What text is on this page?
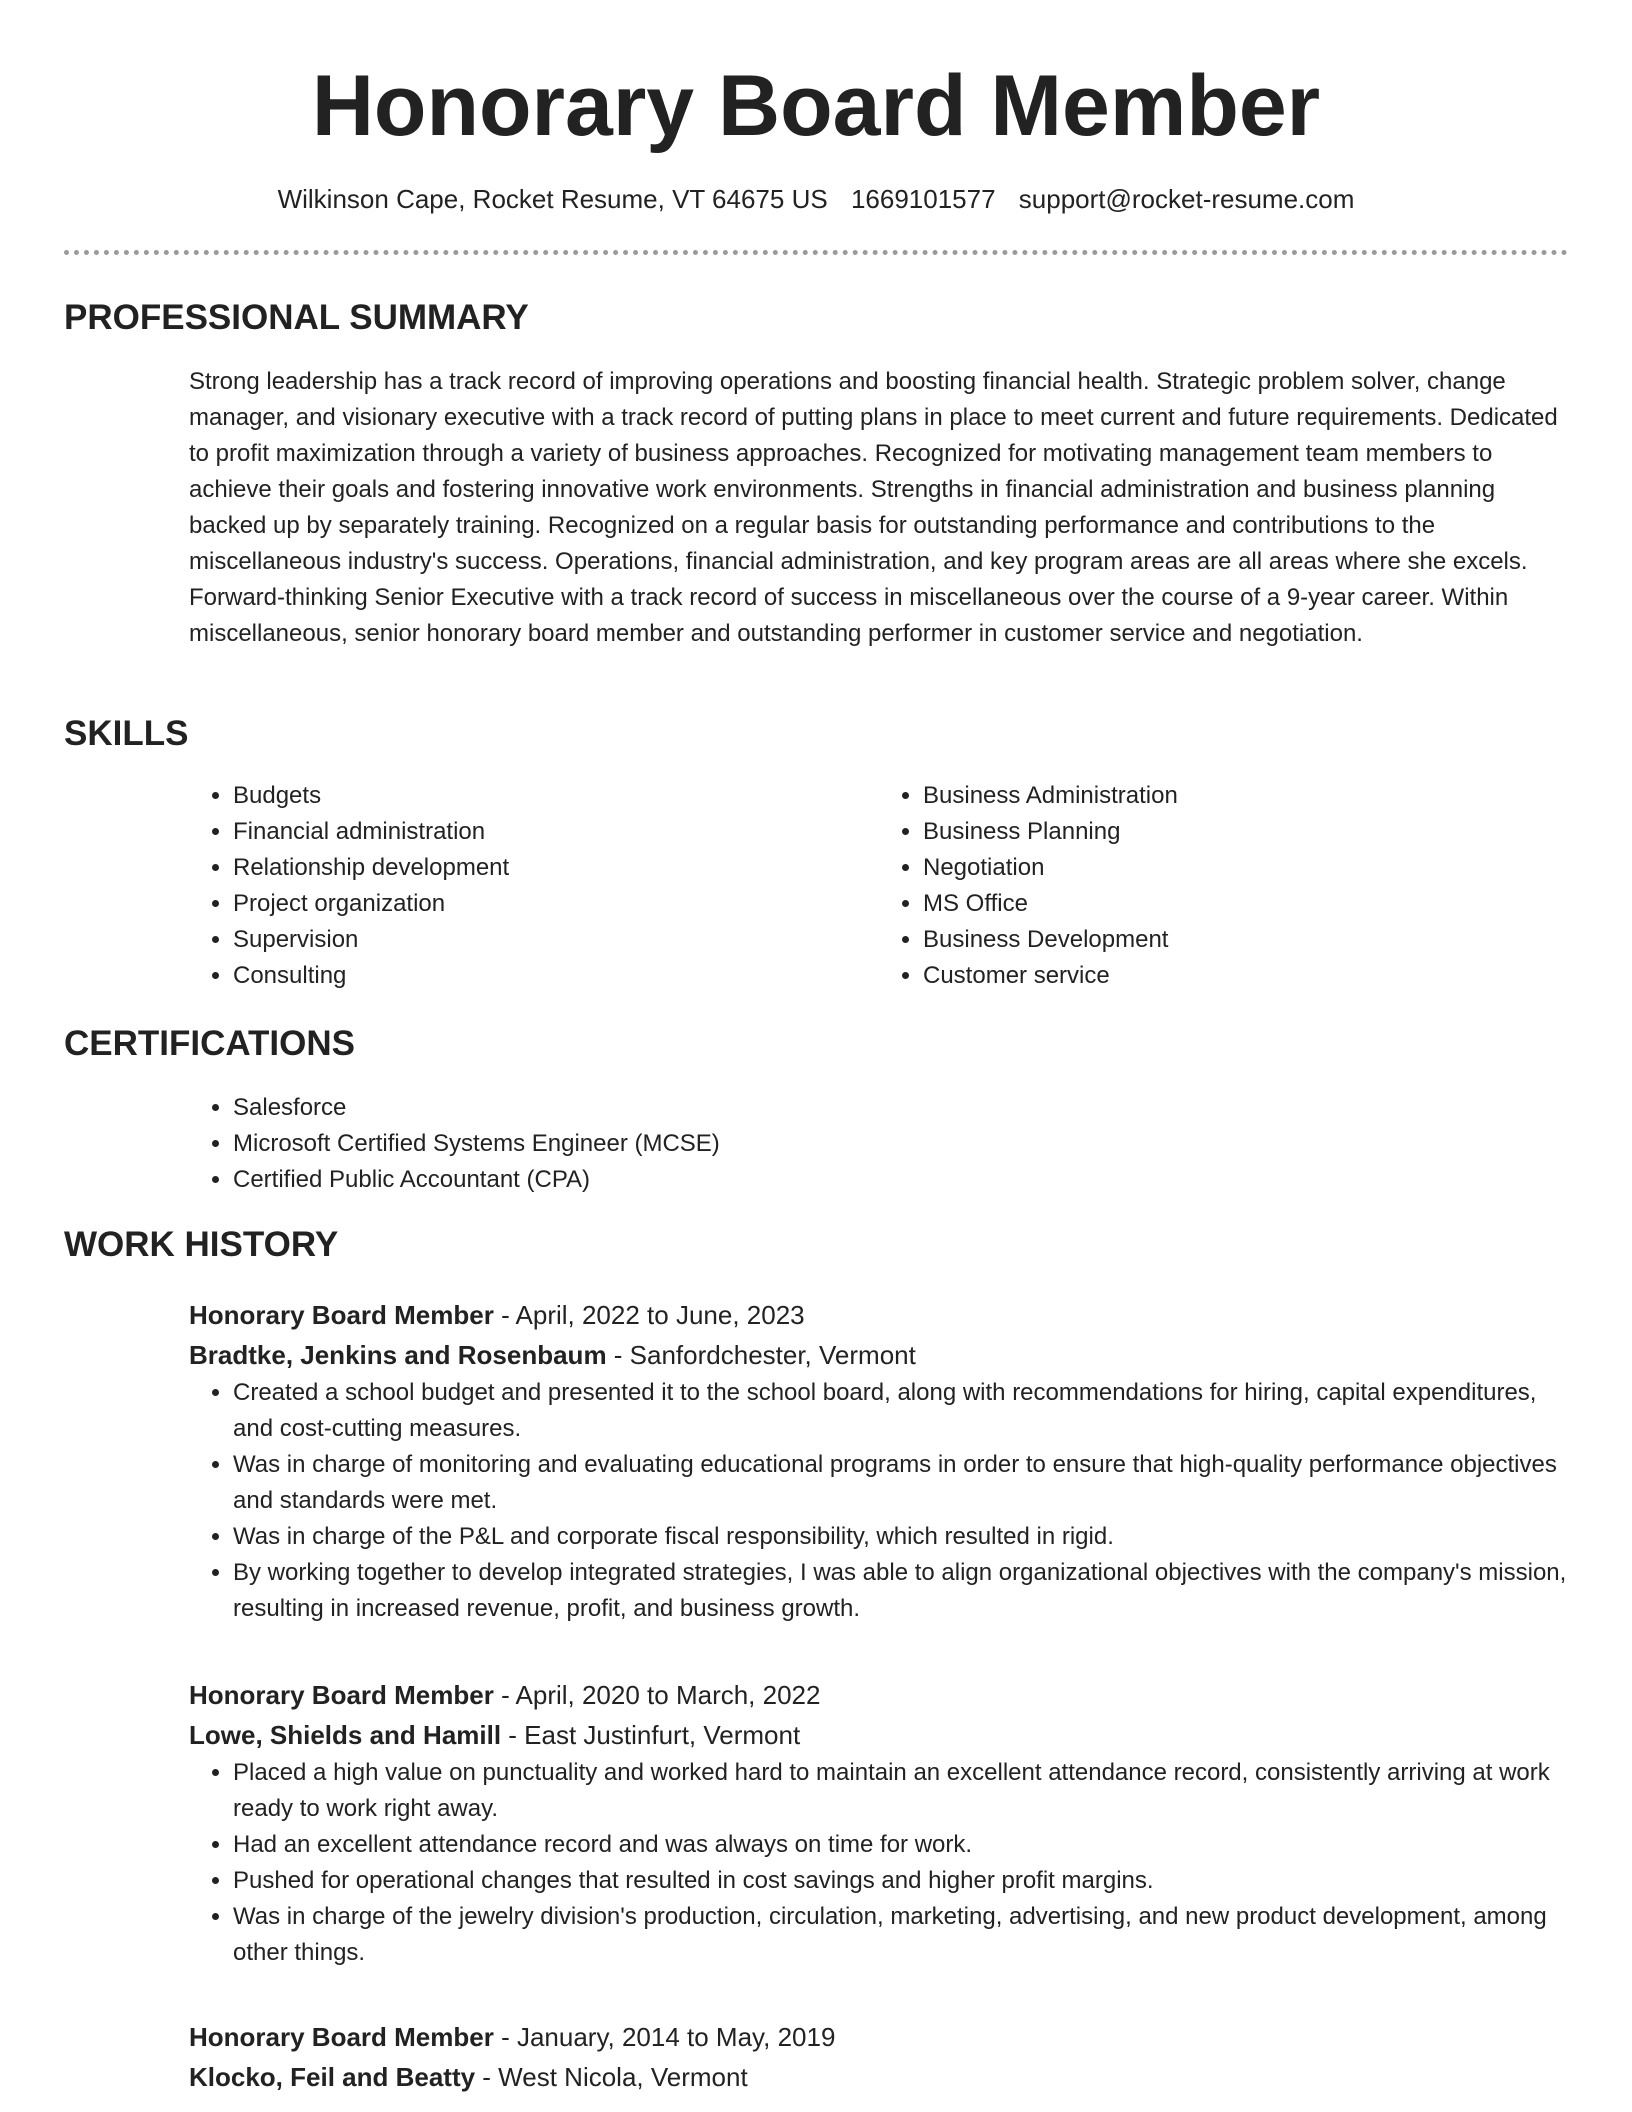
Honorary Board Member
Wilkinson Cape, Rocket Resume, VT 64675 US 1669101577 support@rocket-resume.com
PROFESSIONAL SUMMARY

Strong leadership has a track record of improving operations and boosting financial health. Strategic problem solver, change manager, and visionary executive with a track record of putting plans in place to meet current and future requirements. Dedicated to profit maximization through a variety of business approaches. Recognized for motivating management team members to achieve their goals and fostering innovative work environments. Strengths in financial administration and business planning backed up by separately training. Recognized on a regular basis for outstanding performance and contributions to the miscellaneous industry's success. Operations, financial administration, and key program areas are all areas where she excels. Forward-thinking Senior Executive with a track record of success in miscellaneous over the course of a 9-year career. Within miscellaneous, senior honorary board member and outstanding performer in customer service and negotiation.

SKILLS
• Budgets
• Financial administration
• Relationship development
• Project organization
• Supervision
• Consulting
• Business Administration
• Business Planning
• Negotiation
• MS Office
• Business Development
• Customer service
CERTIFICATIONS
• Salesforce
• Microsoft Certified Systems Engineer (MCSE)
• Certified Public Accountant (CPA)
WORK HISTORY
Honorary Board Member - April, 2022 to June, 2023
Bradtke, Jenkins and Rosenbaum - Sanfordchester, Vermont
• Created a school budget and presented it to the school board, along with recommendations for hiring, capital expenditures, and cost-cutting measures.
• Was in charge of monitoring and evaluating educational programs in order to ensure that high-quality performance objectives and standards were met.
• Was in charge of the P&L and corporate fiscal responsibility, which resulted in rigid.
• By working together to develop integrated strategies, I was able to align organizational objectives with the company's mission, resulting in increased revenue, profit, and business growth.
Honorary Board Member - April, 2020 to March, 2022
Lowe, Shields and Hamill - East Justinfurt, Vermont
• Placed a high value on punctuality and worked hard to maintain an excellent attendance record, consistently arriving at work ready to work right away.
• Had an excellent attendance record and was always on time for work.
• Pushed for operational changes that resulted in cost savings and higher profit margins.
• Was in charge of the jewelry division's production, circulation, marketing, advertising, and new product development, among other things.
Honorary Board Member - January, 2014 to May, 2019
Klocko, Feil and Beatty - West Nicola, Vermont
